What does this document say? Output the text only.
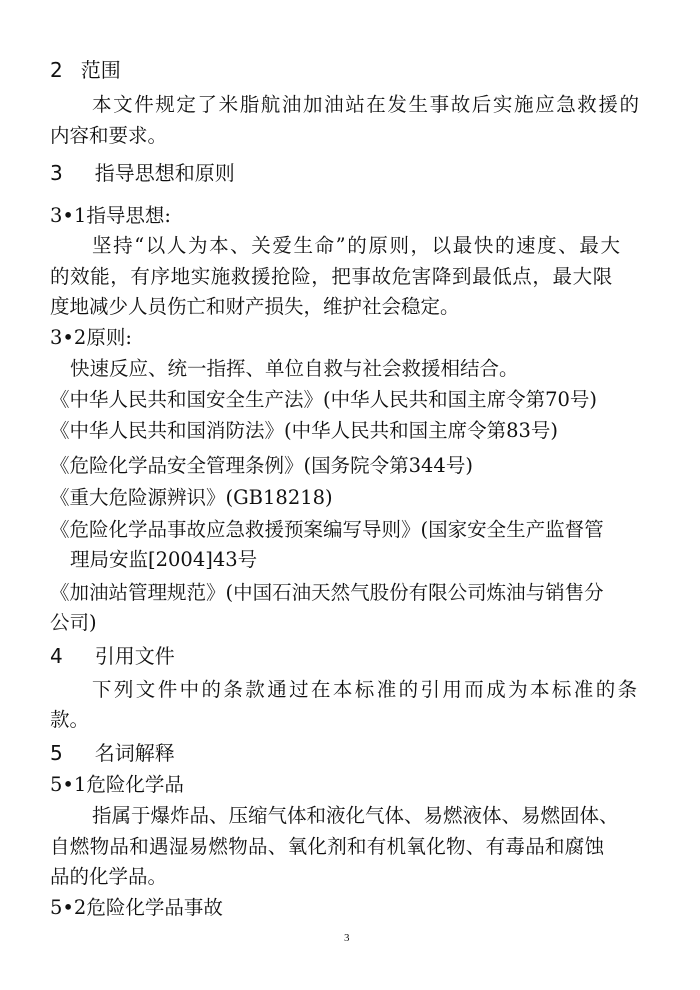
2 范围
本文件规定了米脂航油加油站在发生事故后实施应急救援的
内容和要求。
3 指导思想和原则
3•1指导思想:
坚持“以人为本、关爱生命”的原则，以最快的速度、最大
的效能，有序地实施救援抢险，把事故危害降到最低点，最大限
度地减少人员伤亡和财产损失，维护社会稳定。
3•2原则:
快速反应、统一指挥、单位自救与社会救援相结合。
《中华人民共和国安全生产法》(中华人民共和国主席令第70号)
《中华人民共和国消防法》(中华人民共和国主席令第83号)
《危险化学品安全管理条例》(国务院令第344号)
《重大危险源辨识》(GB18218)
《危险化学品事故应急救援预案编写导则》(国家安全生产监督管
理局安监[2004]43号
《加油站管理规范》(中国石油天然气股份有限公司炼油与销售分
公司)
4 引用文件
下列文件中的条款通过在本标准的引用而成为本标准的条
款。
5 名词解释
5•1危险化学品
指属于爆炸品、压缩气体和液化气体、易燃液体、易燃固体、
自燃物品和遇湿易燃物品、氧化剂和有机氧化物、有毒品和腐蚀
品的化学品。
5•2危险化学品事故
3
